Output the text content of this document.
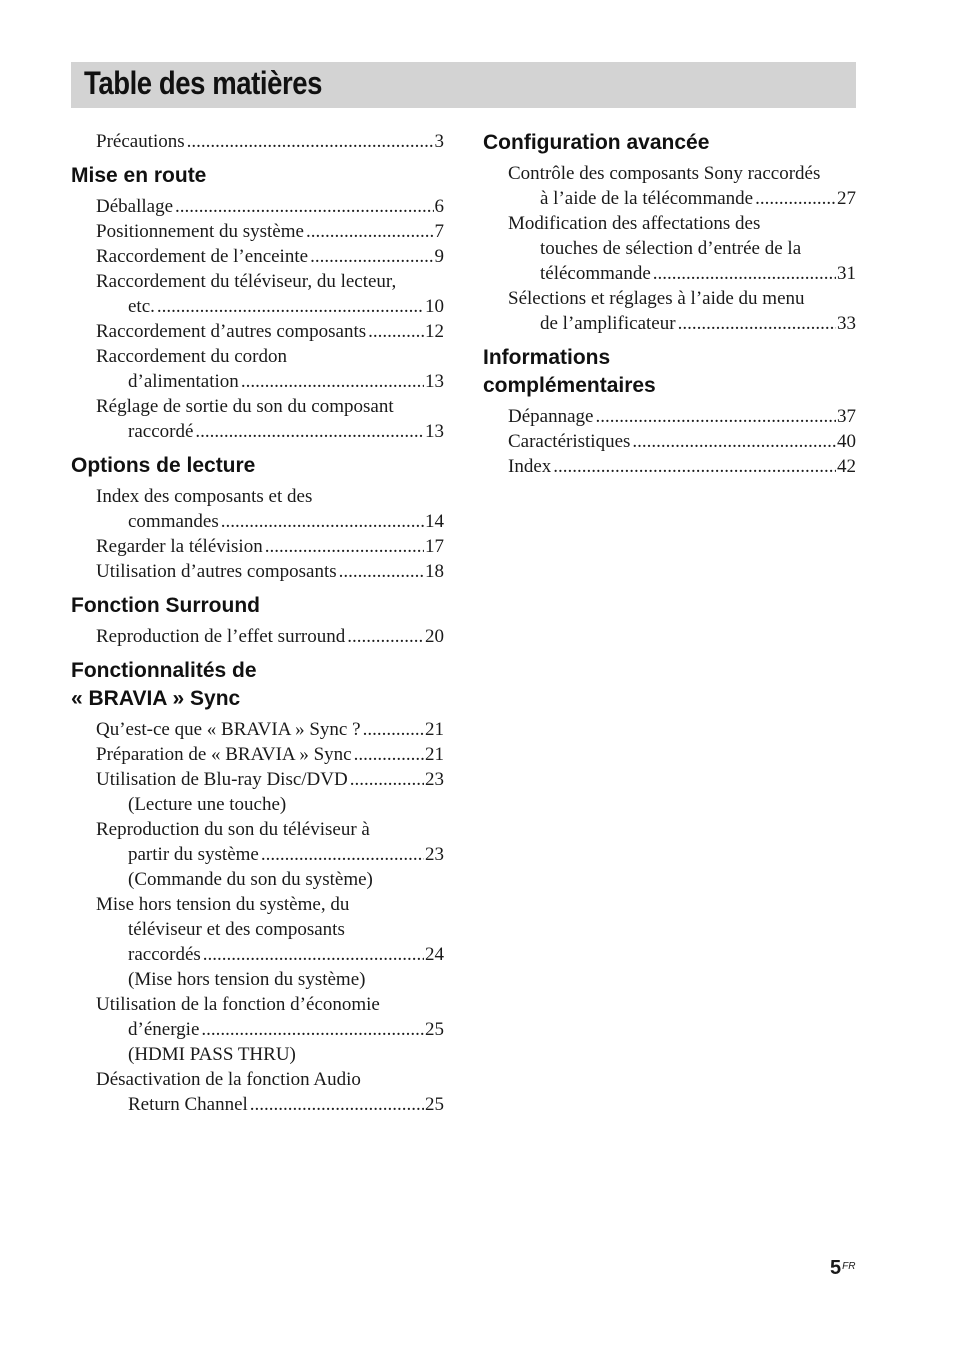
Table des matières
Précautions .....	3
Mise en route
Déballage .....	6
Positionnement du système .....	7
Raccordement de l’enceinte .....	9
Raccordement du téléviseur, du lecteur,
etc. .....	10
Raccordement d’autres composants .....	12
Raccordement du cordon
d’alimentation .....	13
Réglage de sortie du son du composant
raccordé .....	13
Options de lecture
Index des composants et des
commandes .....	14
Regarder la télévision .....	17
Utilisation d’autres composants .....	18
Fonction Surround
Reproduction de l’effet surround .....	20
Fonctionnalités de
« BRAVIA » Sync
Qu’est-ce que « BRAVIA » Sync ? .....	21
Préparation de « BRAVIA » Sync .....	21
Utilisation de Blu-ray Disc/DVD .....	23
(Lecture une touche)
Reproduction du son du téléviseur à
partir du système .....	23
(Commande du son du système)
Mise hors tension du système, du
téléviseur et des composants
raccordés .....	24
(Mise hors tension du système)
Utilisation de la fonction d’économie
d’énergie .....	25
(HDMI PASS THRU)
Désactivation de la fonction Audio
Return Channel .....	25
Configuration avancée
Contrôle des composants Sony raccordés
à l’aide de la télécommande .....	27
Modification des affectations des
touches de sélection d’entrée de la
télécommande .....	31
Sélections et réglages à l’aide du menu
de l’amplificateur .....	33
Informations
complémentaires
Dépannage .....	37
Caractéristiques .....	40
Index .....	42
$5^{FR}$
